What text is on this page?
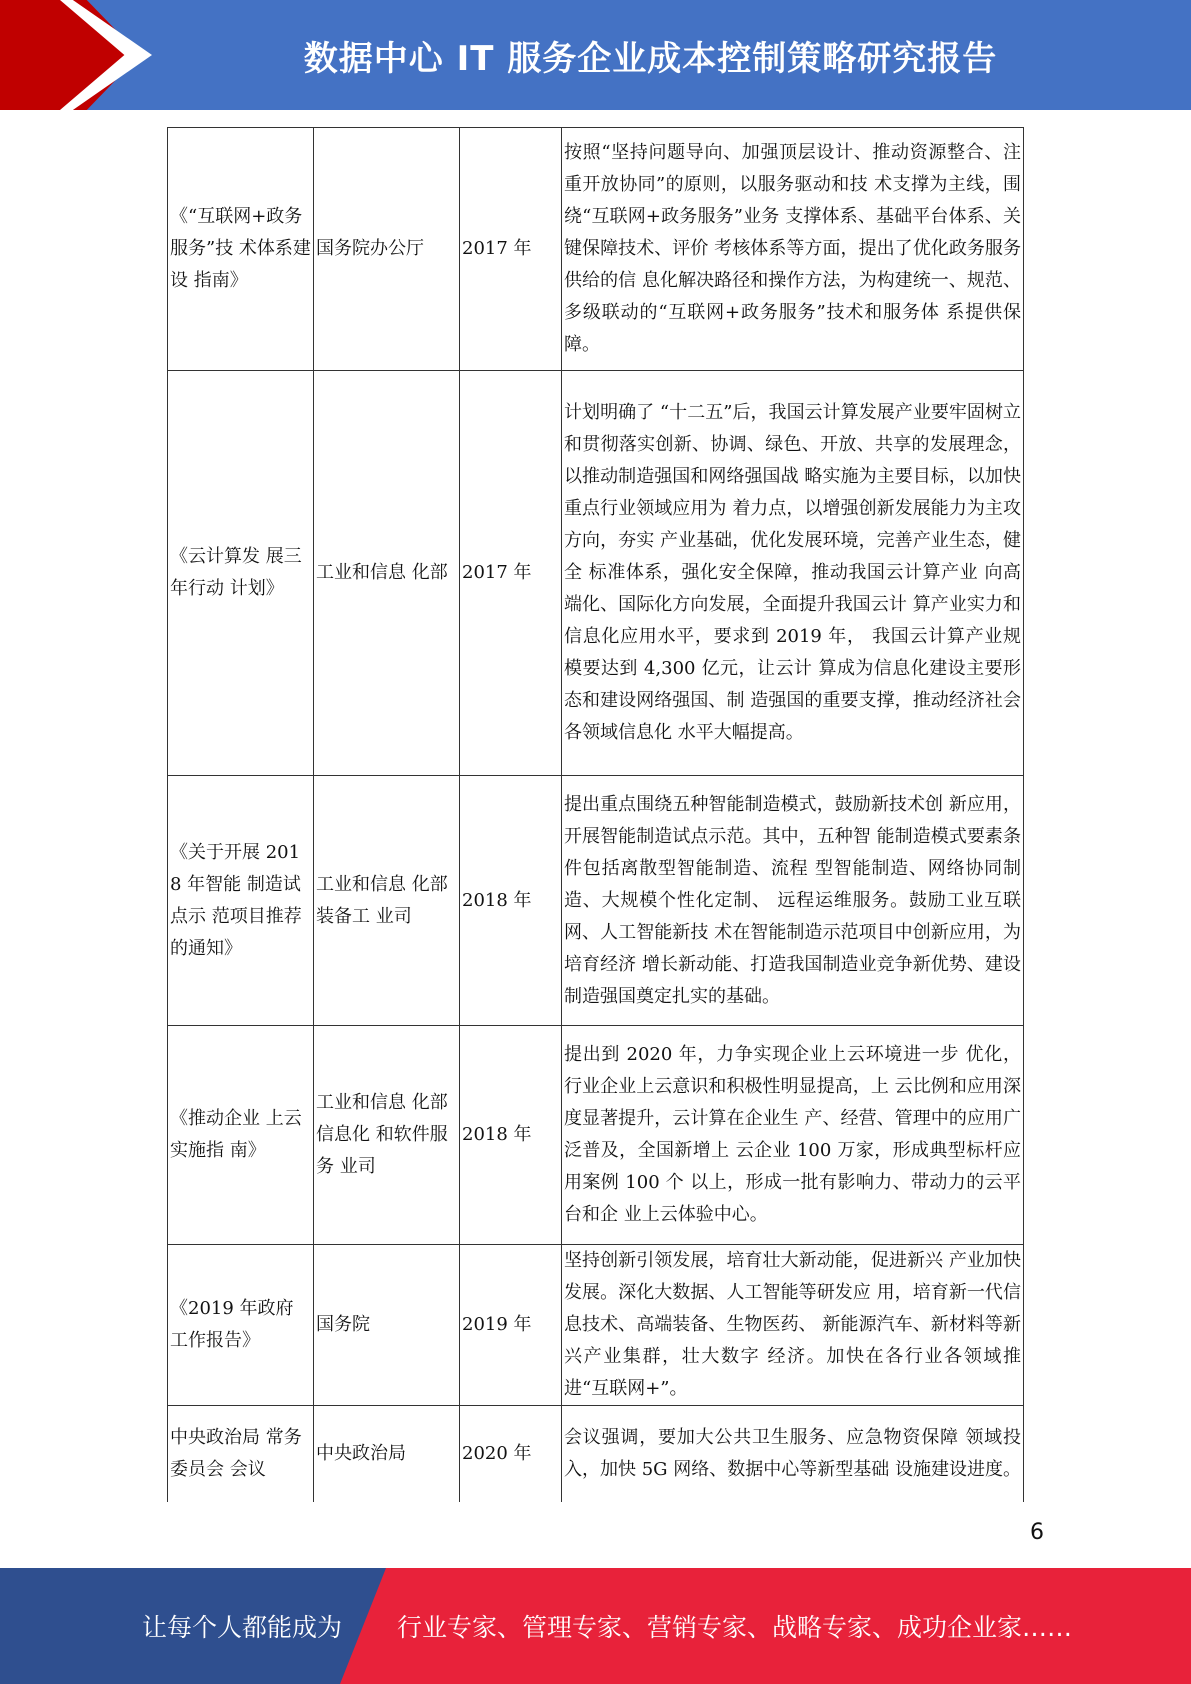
数据中心 IT 服务企业成本控制策略研究报告
《“互联网+政务服务”技 术体系建设 指南》	国务院办公厅	2017 年	按照“坚持问题导向、加强顶层设计、推动资源整合、注重开放协同”的原则，以服务驱动和技 术支撑为主线，围绕“互联网+政务服务”业务 支撑体系、基础平台体系、关键保障技术、评价 考核体系等方面，提出了优化政务服务供给的信 息化解决路径和操作方法，为构建统一、规范、 多级联动的“互联网+政务服务”技术和服务体 系提供保障。
《云计算发 展三年行动 计划》	工业和信息 化部	2017 年	计划明确了 “十二五”后，我国云计算发展产业要牢固树立和贯彻落实创新、协调、绿色、开放、共享的发展理念，以推动制造强国和网络强国战 略实施为主要目标，以加快重点行业领域应用为 着力点，以增强创新发展能力为主攻方向，夯实 产业基础，优化发展环境，完善产业生态，健全 标准体系，强化安全保障，推动我国云计算产业 向高端化、国际化方向发展，全面提升我国云计 算产业实力和信息化应用水平，要求到 2019 年， 我国云计算产业规模要达到 4,300 亿元，让云计 算成为信息化建设主要形态和建设网络强国、制 造强国的重要支撑，推动经济社会各领域信息化 水平大幅提高。
《关于开展 2018 年智能 制造试点示 范项目推荐 的通知》	工业和信息 化部装备工 业司	2018 年	提出重点围绕五种智能制造模式，鼓励新技术创 新应用，开展智能制造试点示范。其中，五种智 能制造模式要素条件包括离散型智能制造、流程 型智能制造、网络协同制造、大规模个性化定制、 远程运维服务。鼓励工业互联网、人工智能新技 术在智能制造示范项目中创新应用，为培育经济 增长新动能、打造我国制造业竞争新优势、建设 制造强国奠定扎实的基础。
《推动企业 上云实施指 南》	工业和信息 化部信息化 和软件服务 业司	2018 年	提出到 2020 年，力争实现企业上云环境进一步 优化，行业企业上云意识和积极性明显提高，上 云比例和应用深度显著提升，云计算在企业生 产、经营、管理中的应用广泛普及，全国新增上 云企业 100 万家，形成典型标杆应用案例 100 个 以上，形成一批有影响力、带动力的云平台和企 业上云体验中心。
《2019 年政府工作报告》	国务院	2019 年	坚持创新引领发展，培育壮大新动能，促进新兴 产业加快发展。深化大数据、人工智能等研发应 用，培育新一代信息技术、高端装备、生物医药、 新能源汽车、新材料等新兴产业集群，壮大数字 经济。加快在各行业各领域推进“互联网+”。
中央政治局 常务委员会 会议	中央政治局	2020 年	会议强调，要加大公共卫生服务、应急物资保障 领域投入，加快 5G 网络、数据中心等新型基础 设施建设进度。
6
让每个人都能成为 行业专家、管理专家、营销专家、战略专家、成功企业家……
